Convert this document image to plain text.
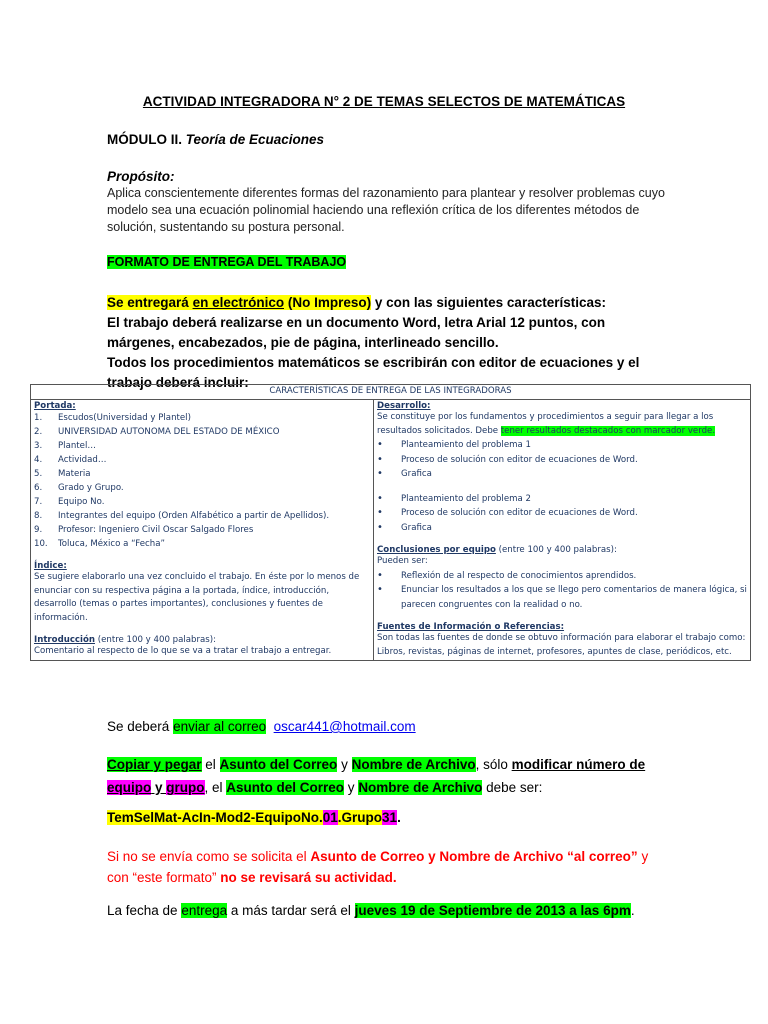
ACTIVIDAD INTEGRADORA N° 2 DE TEMAS SELECTOS DE MATEMÁTICAS
MÓDULO II. Teoría de Ecuaciones
Propósito:
Aplica conscientemente diferentes formas del razonamiento para plantear y resolver problemas cuyo modelo sea una ecuación polinomial haciendo una reflexión crítica de los diferentes métodos de solución, sustentando su postura personal.
FORMATO DE ENTREGA DEL TRABAJO
Se entregará en electrónico (No Impreso) y con las siguientes características:
El trabajo deberá realizarse en un documento Word, letra Arial 12 puntos, con márgenes, encabezados, pie de página, interlineado sencillo.
Todos los procedimientos matemáticos se escribirán con editor de ecuaciones y el trabajo deberá incluir:
CARACTERÍSTICAS DE ENTREGA DE LAS INTEGRADORAS

Portada:
1.	Escudos(Universidad y Plantel)
2.	UNIVERSIDAD AUTONOMA DEL ESTADO DE MÉXICO
3.	Plantel…
4.	Actividad…
5.	Materia
6.	Grado y Grupo.
7.	Equipo No.
8.	Integrantes del equipo (Orden Alfabético a partir de Apellidos).
9.	Profesor: Ingeniero Civil Oscar Salgado Flores
10.	Toluca, México a “Fecha”
Índice:

Se sugiere elaborarlo una vez concluido el trabajo. En éste por lo menos de enunciar con su respectiva página a la portada, índice, introducción, desarrollo (temas o partes importantes), conclusiones y fuentes de información.

Introducción (entre 100 y 400 palabras):

Comentario al respecto de lo que se va a tratar el trabajo a entregar.

Desarrollo:

Se constituye por los fundamentos y procedimientos a seguir para llegar a los resultados solicitados. Debe tener resultados destacados con marcador verde.

•	Planteamiento del problema 1
•	Proceso de solución con editor de ecuaciones de Word.
•	Grafica
•	Planteamiento del problema 2
•	Proceso de solución con editor de ecuaciones de Word.
•	Grafica
Conclusiones por equipo (entre 100 y 400 palabras):

Pueden ser:

•	Reflexión de al respecto de conocimientos aprendidos.
•	Enunciar los resultados a los que se llego pero comentarios de manera lógica, si parecen congruentes con la realidad o no.
Fuentes de Información o Referencias:

Son todas las fuentes de donde se obtuvo información para elaborar el trabajo como: Libros, revistas, páginas de internet, profesores, apuntes de clase, periódicos, etc.

Se deberá enviar al correo oscar441@hotmail.com
Copiar y pegar el Asunto del Correo y Nombre de Archivo, sólo modificar número de
equipo y grupo, el Asunto del Correo y Nombre de Archivo debe ser:
TemSelMat-AcIn-Mod2-EquipoNo.01.Grupo31.
Si no se envía como se solicita el Asunto de Correo y Nombre de Archivo “al correo” y con “este formato” no se revisará su actividad.
La fecha de entrega a más tardar será el jueves 19 de Septiembre de 2013 a las 6pm.
